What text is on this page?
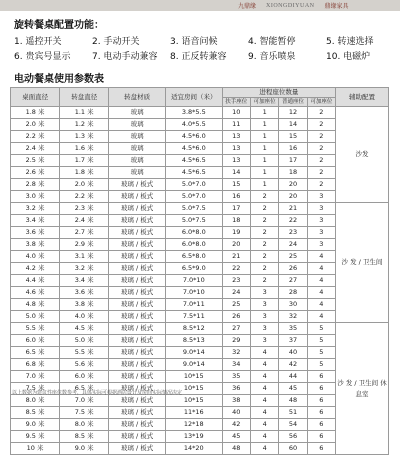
九鼎缘 XIONGDIYUAN 鼎缘家具
旋转餐桌配置功能：
1. 遥控开关	2. 手动开关	3. 语音问候	4. 智能暂停	5. 转速选择
6. 贵宾号显示	7. 电动手动兼容	8. 正反转兼容	9. 音乐喷泉	10. 电磁炉
电动餐桌使用参数表
桌面直径	转盘直径	转盘材质	适宜房间（米）	进程座位数量				辅助配置
				扶手座位	可加座位	普通座位	可加座位	
1.8 米	1.1 米	玻璃	3.8*5.5	10	1	12	2	沙发
2.0 米	1.2 米	玻璃	4.0*5.5	11	1	14	2	
2.2 米	1.3 米	玻璃	4.5*6.0	13	1	15	2	
2.4 米	1.6 米	玻璃	4.5*6.0	13	1	16	2	
2.5 米	1.7 米	玻璃	4.5*6.5	13	1	17	2	
2.6 米	1.8 米	玻璃	4.5*6.5	14	1	18	2	
2.8 米	2.0 米	玻璃 / 板式	5.0*7.0	15	1	20	2	
3.0 米	2.2 米	玻璃 / 板式	5.0*7.0	16	2	20	3	
3.2 米	2.3 米	玻璃 / 板式	5.0*7.5	17	2	21	3	沙 发 / 卫生间
3.4 米	2.4 米	玻璃 / 板式	5.0*7.5	18	2	22	3	
3.6 米	2.7 米	玻璃 / 板式	6.0*8.0	19	2	23	3	
3.8 米	2.9 米	玻璃 / 板式	6.0*8.0	20	2	24	3	
4.0 米	3.1 米	玻璃 / 板式	6.5*8.0	21	2	25	4	
4.2 米	3.2 米	玻璃 / 板式	6.5*9.0	22	2	26	4	
4.4 米	3.4 米	玻璃 / 板式	7.0*10	23	2	27	4	
4.6 米	3.6 米	玻璃 / 板式	7.0*10	24	3	28	4	
4.8 米	3.8 米	玻璃 / 板式	7.0*11	25	3	30	4	
5.0 米	4.0 米	玻璃 / 板式	7.5*11	26	3	32	4	
5.5 米	4.5 米	玻璃 / 板式	8.5*12	27	3	35	5	沙 发 / 卫生间 休息室
6.0 米	5.0 米	玻璃 / 板式	8.5*13	29	3	37	5	
6.5 米	5.5 米	玻璃 / 板式	9.0*14	32	4	40	5	
6.8 米	5.6 米	玻璃 / 板式	9.0*14	34	4	42	5	
7.0 米	6.0 米	玻璃 / 板式	10*15	35	4	44	6	
7.5 米	6.5 米	玻璃 / 板式	10*15	36	4	45	6	
8.0 米	7.0 米	玻璃 / 板式	10*15	38	4	48	6	
8.5 米	7.5 米	玻璃 / 板式	11*16	40	4	51	6	
9.0 米	8.0 米	玻璃 / 板式	12*18	42	4	54	6	
9.5 米	8.5 米	玻璃 / 板式	13*19	45	4	56	6	
10 米	9.0 米	玻璃 / 板式	14*20	48	4	60	6	
以上数据为建议性座位数参考，具体实际可根据酒店设计及房间实际情况决定
